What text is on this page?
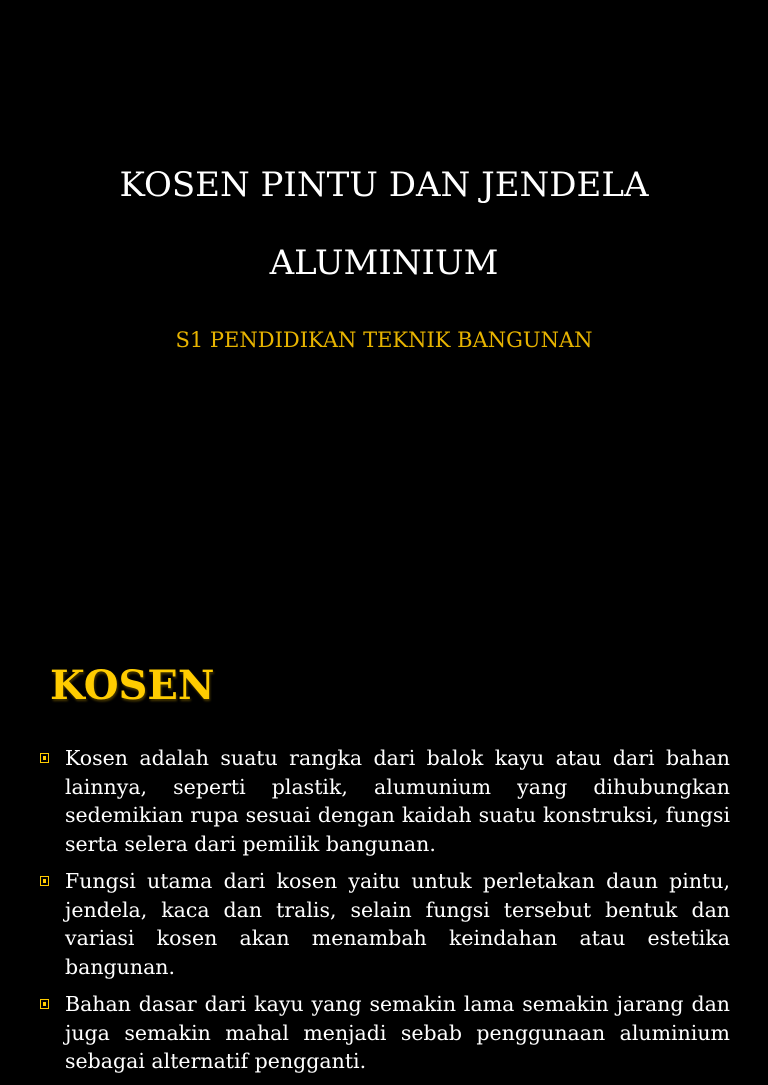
KOSEN PINTU DAN JENDELA
ALUMINIUM

S1 PENDIDIKAN TEKNIK BANGUNAN

KOSEN
Kosen adalah suatu rangka dari balok kayu atau dari bahan lainnya, seperti plastik, alumunium yang dihubungkan sedemikian rupa sesuai dengan kaidah suatu konstruksi, fungsi serta selera dari pemilik bangunan.
Fungsi utama dari kosen yaitu untuk perletakan daun pintu, jendela, kaca dan tralis, selain fungsi tersebut bentuk dan variasi kosen akan menambah keindahan atau estetika bangunan.
Bahan dasar dari kayu yang semakin lama semakin jarang dan juga semakin mahal menjadi sebab penggunaan aluminium sebagai alternatif pengganti.
